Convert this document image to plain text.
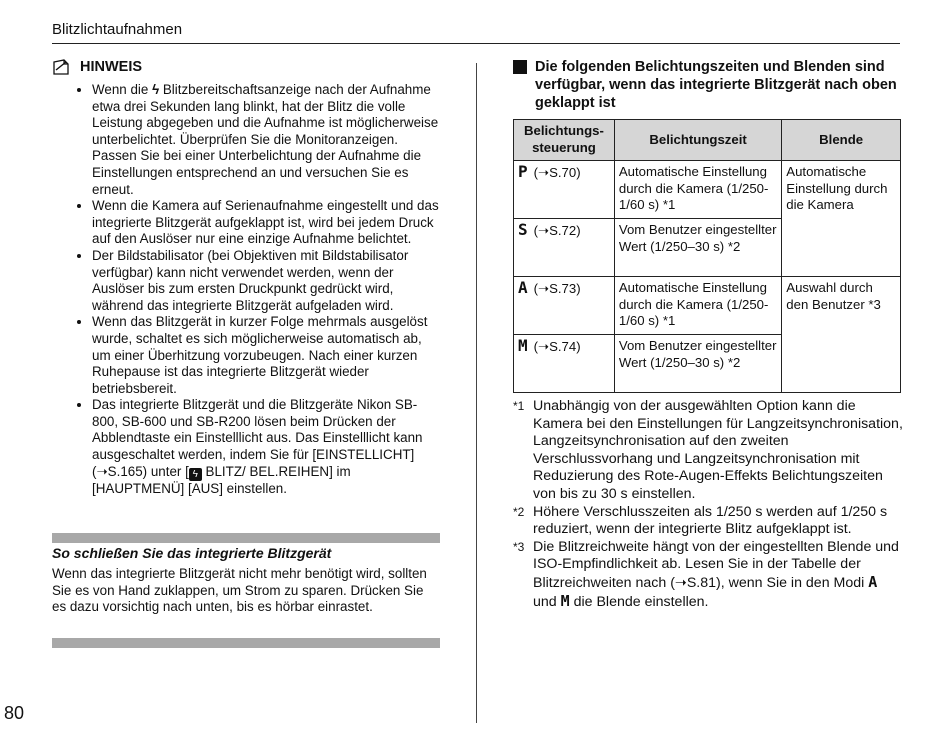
Blitzlichtaufnahmen
80
HINWEIS
• Wenn die ϟ Blitzbereitschaftsanzeige nach der Aufnahme etwa drei Sekunden lang blinkt, hat der Blitz die volle Leistung abgegeben und die Aufnahme ist möglicherweise unterbelichtet. Überprüfen Sie die Monitoranzeigen. Passen Sie bei einer Unterbelichtung der Aufnahme die Einstellungen entsprechend an und versuchen Sie es erneut.
• Wenn die Kamera auf Serienaufnahme eingestellt und das integrierte Blitzgerät aufgeklappt ist, wird bei jedem Druck auf den Auslöser nur eine einzige Aufnahme belichtet.
• Der Bildstabilisator (bei Objektiven mit Bildstabilisator verfügbar) kann nicht verwendet werden, wenn der Auslöser bis zum ersten Druckpunkt gedrückt wird, während das integrierte Blitzgerät aufgeladen wird.
• Wenn das Blitzgerät in kurzer Folge mehrmals ausgelöst wurde, schaltet es sich möglicherweise automatisch ab, um einer Überhitzung vorzubeugen. Nach einer kurzen Ruhepause ist das integrierte Blitzgerät wieder betriebsbereit.
• Das integrierte Blitzgerät und die Blitzgeräte Nikon SB-800, SB-600 und SB-R200 lösen beim Drücken der Abblendtaste ein Einstelllicht aus. Das Einstelllicht kann ausgeschaltet werden, indem Sie für [EINSTELLICHT] (➝S.165) unter [ ϟ BLITZ/ BEL.REIHEN] im [HAUPTMENÜ] [AUS] einstellen.
So schließen Sie das integrierte Blitzgerät
Wenn das integrierte Blitzgerät nicht mehr benötigt wird, sollten Sie es von Hand zuklappen, um Strom zu sparen. Drücken Sie es dazu vorsichtig nach unten, bis es hörbar einrastet.
Die folgenden Belichtungszeiten und Blenden sind verfügbar, wenn das integrierte Blitzgerät nach oben geklappt ist
Belichtungs-steuerung	Belichtungszeit	Blende
P (➝S.70)	Automatische Einstellung durch die Kamera (1/250-1/60 s) *1	Automatische Einstellung durch die Kamera
S (➝S.72)	Vom Benutzer eingestellter Wert (1/250–30 s) *2	
A (➝S.73)	Automatische Einstellung durch die Kamera (1/250-1/60 s) *1	Auswahl durch den Benutzer *3
M (➝S.74)	Vom Benutzer eingestellter Wert (1/250–30 s) *2	
*1 Unabhängig von der ausgewählten Option kann die Kamera bei den Einstellungen für Langzeitsynchronisation, Langzeitsynchronisation auf den zweiten Verschlussvorhang und Langzeitsynchronisation mit Reduzierung des Rote-Augen-Effekts Belichtungszeiten von bis zu 30 s einstellen.
*2 Höhere Verschlusszeiten als 1/250 s werden auf 1/250 s reduziert, wenn der integrierte Blitz aufgeklappt ist.
*3 Die Blitzreichweite hängt von der eingestellten Blende und ISO-Empfindlichkeit ab. Lesen Sie in der Tabelle der Blitzreichweiten nach (➝S.81), wenn Sie in den Modi A und M die Blende einstellen.
